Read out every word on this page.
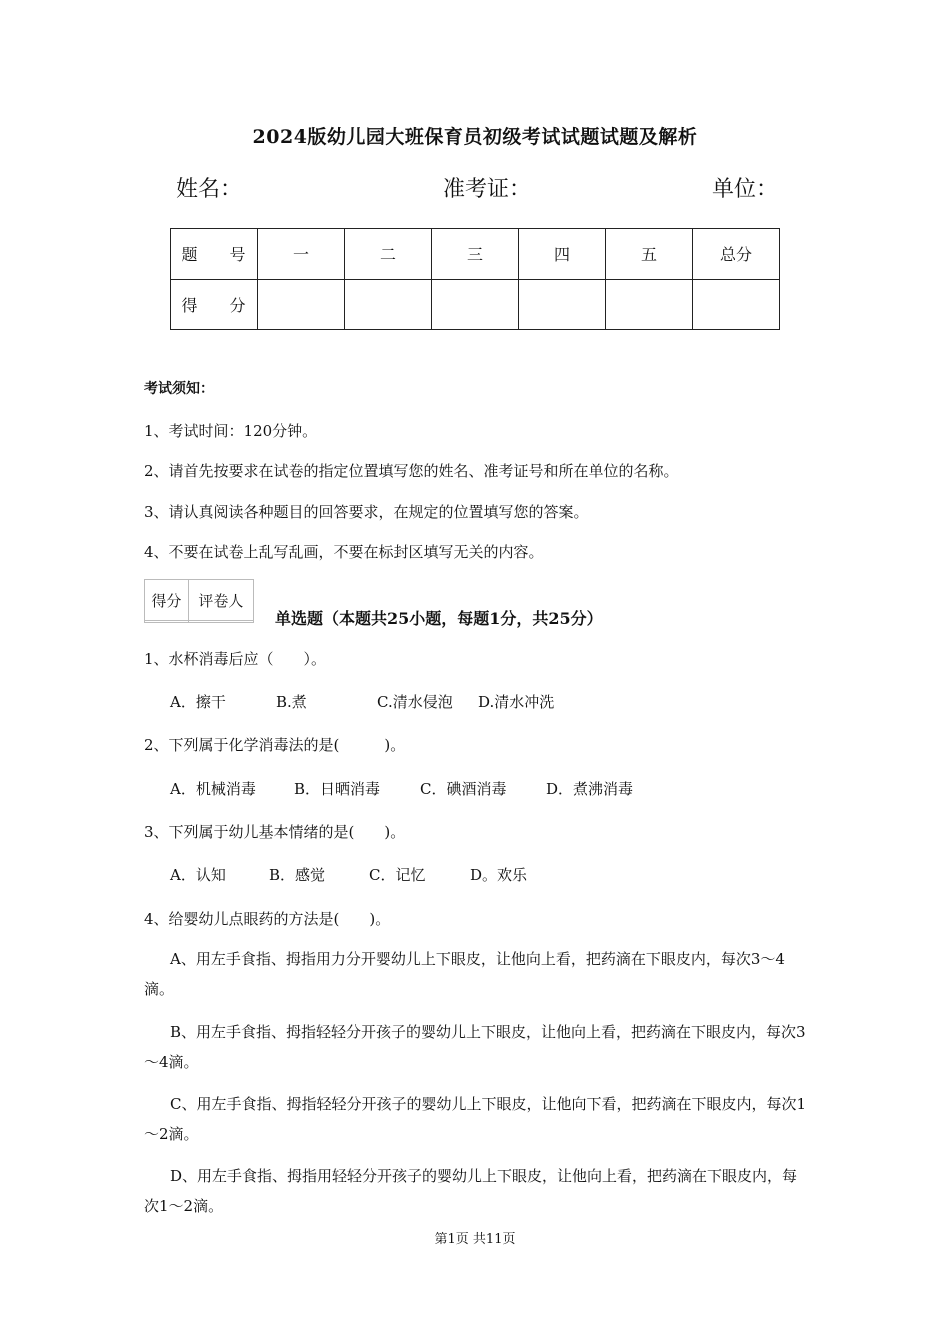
2024版幼儿园大班保育员初级考试试题试题及解析
姓名：	准考证：	单位：
题　号	一	二	三	四	五	总分
得　分						
考试须知：
1、考试时间：120分钟。
2、请首先按要求在试卷的指定位置填写您的姓名、准考证号和所在单位的名称。
3、请认真阅读各种题目的回答要求，在规定的位置填写您的答案。
4、不要在试卷上乱写乱画，不要在标封区填写无关的内容。
得分	评卷人

单选题（本题共25小题，每题1分，共25分）
1、水杯消毒后应（　　）。
A．擦干	B.煮	C.清水侵泡 D.清水冲洗
2、下列属于化学消毒法的是(　　　)。
A．机械消毒	B．日晒消毒	C．碘酒消毒	D．煮沸消毒
3、下列属于幼儿基本情绪的是(　　)。
A．认知	B．感觉	C．记忆	D。欢乐
4、给婴幼儿点眼药的方法是(　　)。
A、用左手食指、拇指用力分开婴幼儿上下眼皮，让他向上看，把药滴在下眼皮内，每次3～4滴。
B、用左手食指、拇指轻轻分开孩子的婴幼儿上下眼皮，让他向上看，把药滴在下眼皮内，每次3～4滴。
C、用左手食指、拇指轻轻分开孩子的婴幼儿上下眼皮，让他向下看，把药滴在下眼皮内，每次1～2滴。
D、用左手食指、拇指用轻轻分开孩子的婴幼儿上下眼皮，让他向上看，把药滴在下眼皮内，每次1～2滴。
第1页 共11页
